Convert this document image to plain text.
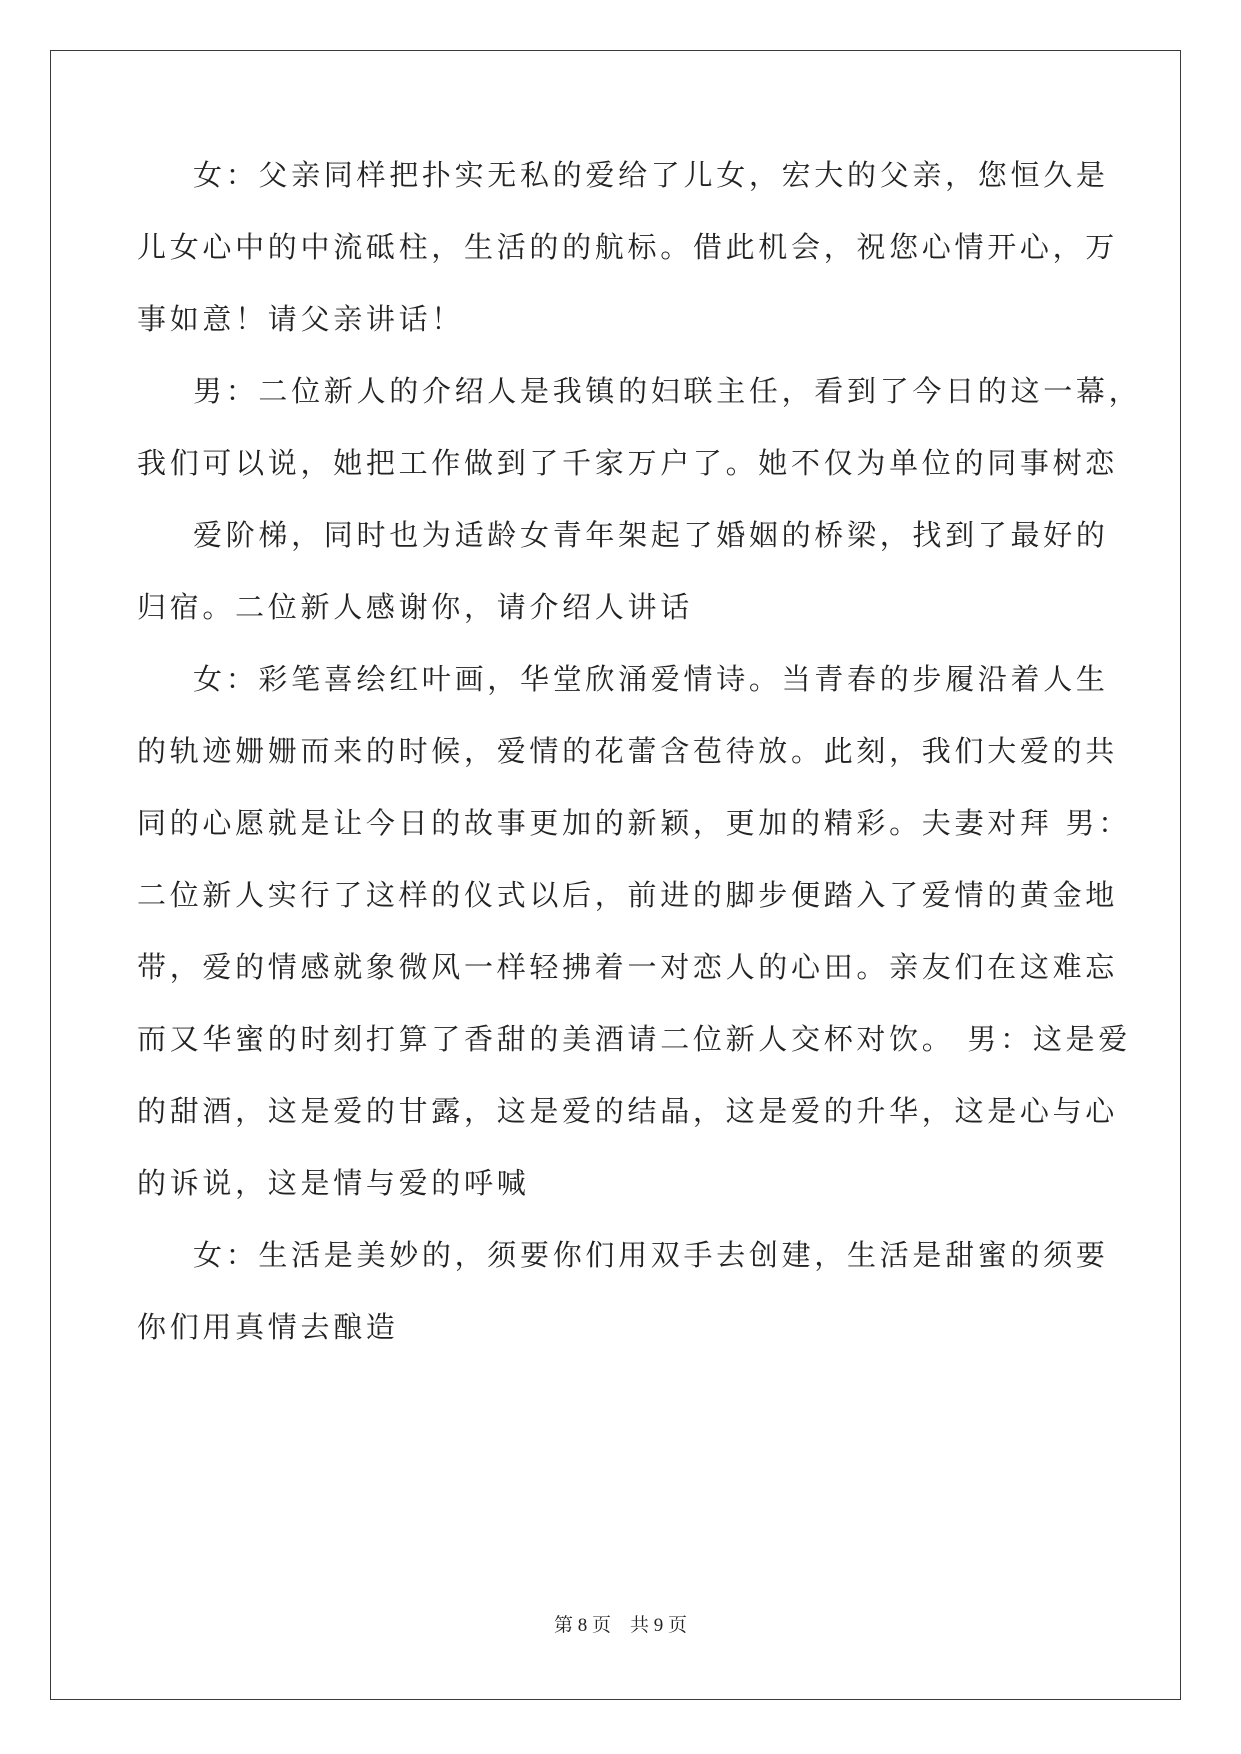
女：父亲同样把扑实无私的爱给了儿女，宏大的父亲，您恒久是
儿女心中的中流砥柱，生活的的航标。借此机会，祝您心情开心，万
事如意！请父亲讲话！
男：二位新人的介绍人是我镇的妇联主任，看到了今日的这一幕，
我们可以说，她把工作做到了千家万户了。她不仅为单位的同事树恋
爱阶梯，同时也为适龄女青年架起了婚姻的桥梁，找到了最好的
归宿。二位新人感谢你，请介绍人讲话
女：彩笔喜绘红叶画，华堂欣涌爱情诗。当青春的步履沿着人生
的轨迹姗姗而来的时候，爱情的花蕾含苞待放。此刻，我们大爱的共
同的心愿就是让今日的故事更加的新颖，更加的精彩。夫妻对拜 男：
二位新人实行了这样的仪式以后，前进的脚步便踏入了爱情的黄金地
带，爱的情感就象微风一样轻拂着一对恋人的心田。亲友们在这难忘
而又华蜜的时刻打算了香甜的美酒请二位新人交杯对饮。 男：这是爱
的甜酒，这是爱的甘露，这是爱的结晶，这是爱的升华，这是心与心
的诉说，这是情与爱的呼喊
女：生活是美妙的，须要你们用双手去创建，生活是甜蜜的须要
你们用真情去酿造
第 8 页    共 9 页
